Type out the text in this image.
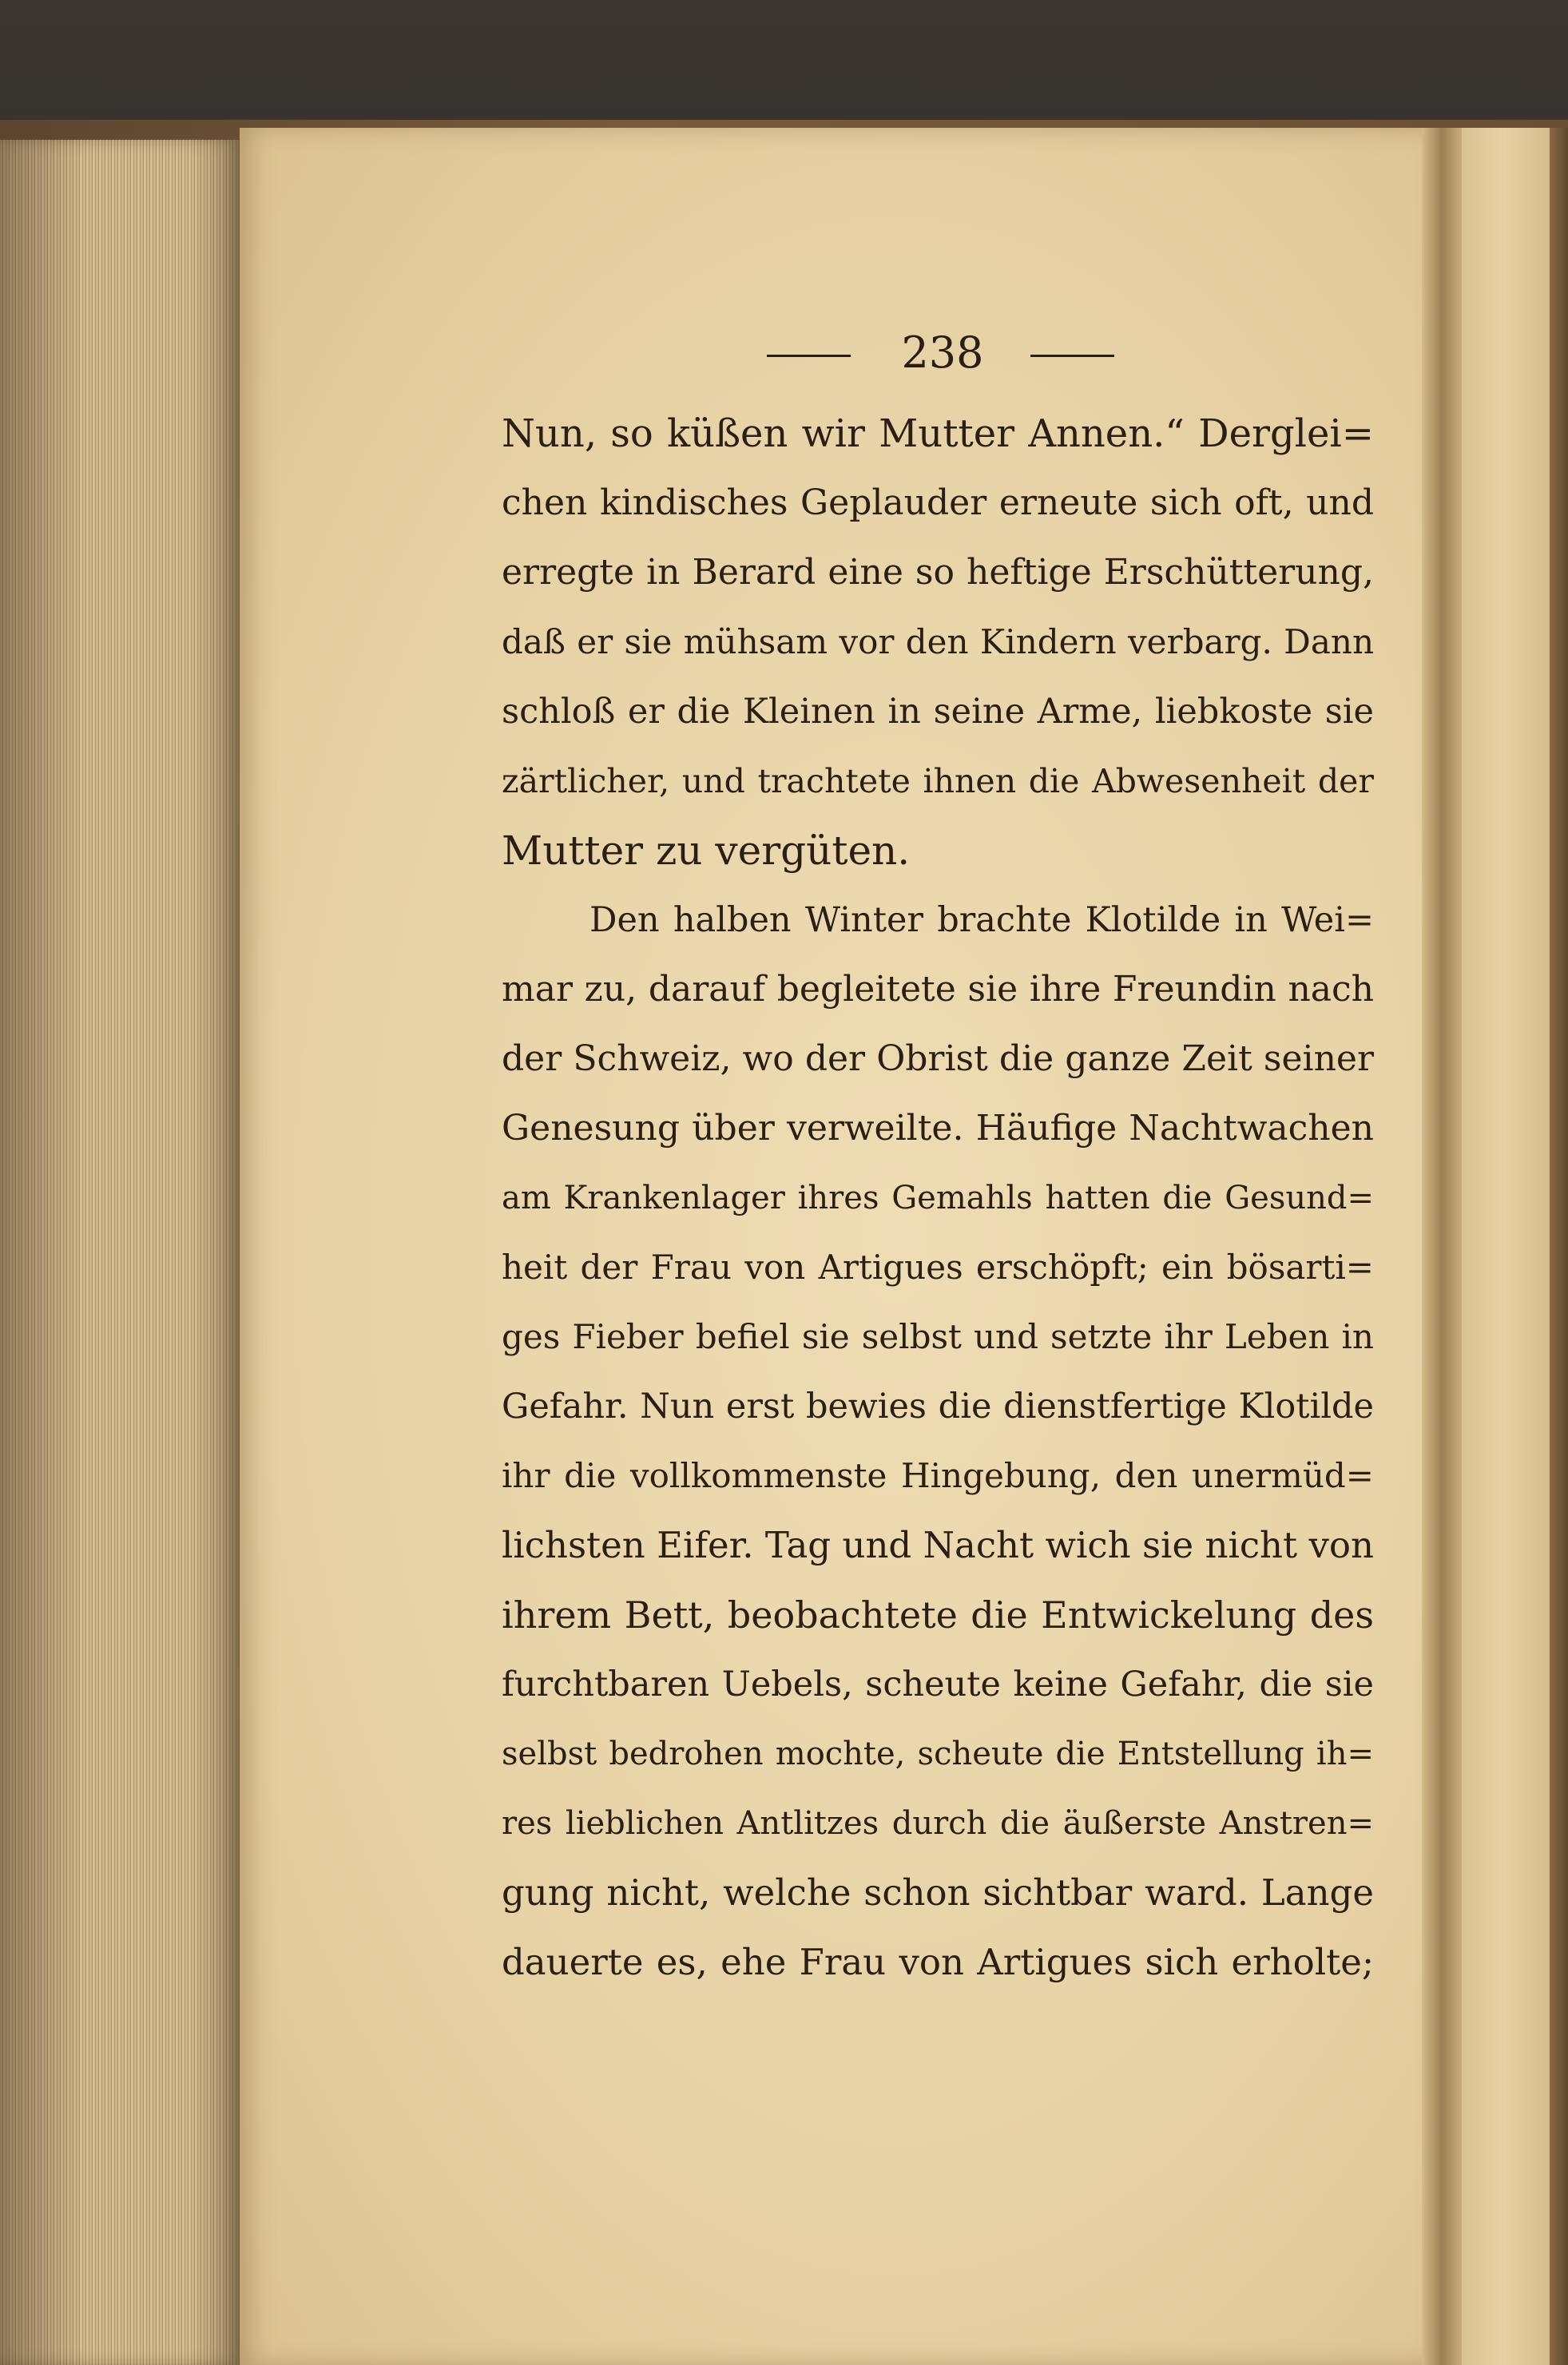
238
Nun, so küßen wir Mutter Annen.“ Derglei=
chen kindisches Geplauder erneute sich oft, und
erregte in Berard eine so heftige Erschütterung,
daß er sie mühsam vor den Kindern verbarg. Dann
schloß er die Kleinen in seine Arme, liebkoste sie
zärtlicher, und trachtete ihnen die Abwesenheit der
Mutter zu vergüten.
Den halben Winter brachte Klotilde in Wei=
mar zu, darauf begleitete sie ihre Freundin nach
der Schweiz, wo der Obrist die ganze Zeit seiner
Genesung über verweilte. Häufige Nachtwachen
am Krankenlager ihres Gemahls hatten die Gesund=
heit der Frau von Artigues erschöpft; ein bösarti=
ges Fieber befiel sie selbst und setzte ihr Leben in
Gefahr. Nun erst bewies die dienstfertige Klotilde
ihr die vollkommenste Hingebung, den unermüd=
lichsten Eifer. Tag und Nacht wich sie nicht von
ihrem Bett, beobachtete die Entwickelung des
furchtbaren Uebels, scheute keine Gefahr, die sie
selbst bedrohen mochte, scheute die Entstellung ih=
res lieblichen Antlitzes durch die äußerste Anstren=
gung nicht, welche schon sichtbar ward. Lange
dauerte es, ehe Frau von Artigues sich erholte;
